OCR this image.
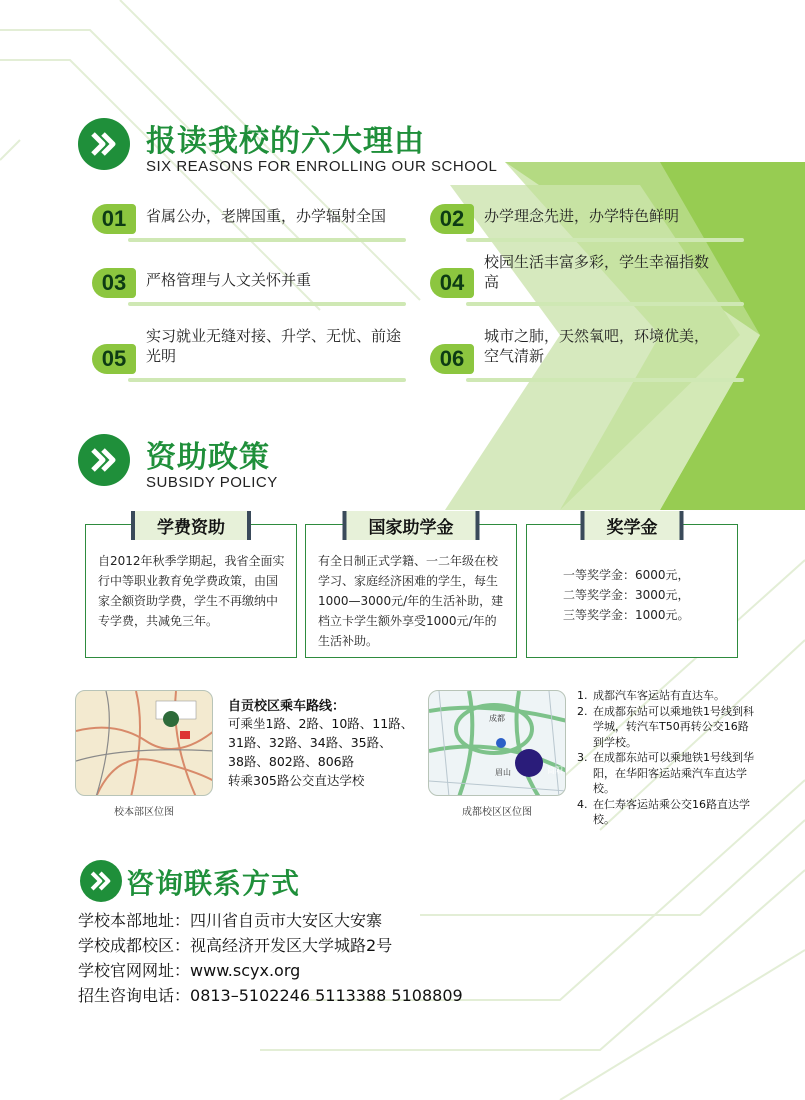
报读我校的六大理由
SIX REASONS FOR ENROLLING OUR SCHOOL
01	省属公办，老牌国重，办学辐射全国	02	办学理念先进，办学特色鲜明
03	严格管理与人文关怀并重	04
校园生活丰富多彩，学生幸福指数高
05
实习就业无缝对接、升学、无忧、前途光明	06
城市之肺，天然氧吧，环境优美，空气清新
资助政策
SUBSIDY POLICY
学费资助
自2012年秋季学期起，我省全面实行中等职业教育免学费政策，由国家全额资助学费，学生不再缴纳中专学费，共减免三年。
国家助学金
有全日制正式学籍、一二年级在校学习、家庭经济困难的学生，每生1000—3000元/年的生活补助，建档立卡学生额外享受1000元/年的生活补助。
奖学金
一等奖学金：6000元，
二等奖学金：3000元，
三等奖学金：1000元。
校本部区位图
自贡校区乘车路线：
可乘坐1路、2路、10路、11路、
31路、32路、34路、35路、
38路、802路、806路
转乘305路公交直达学校
成都
眉山	简阳
成都校区区位图
1. 成都汽车客运站有直达车。
2. 在成都东站可以乘地铁1号线到科学城，转汽车T50再转公交16路到学校。
3. 在成都东站可以乘地铁1号线到华阳，在华阳客运站乘汽车直达学校。
4. 在仁寿客运站乘公交16路直达学校。
咨询联系方式
学校本部地址：四川省自贡市大安区大安寨
学校成都校区：视高经济开发区大学城路2号
学校官网网址：www.scyx.org
招生咨询电话：0813–5102246 5113388 5108809
